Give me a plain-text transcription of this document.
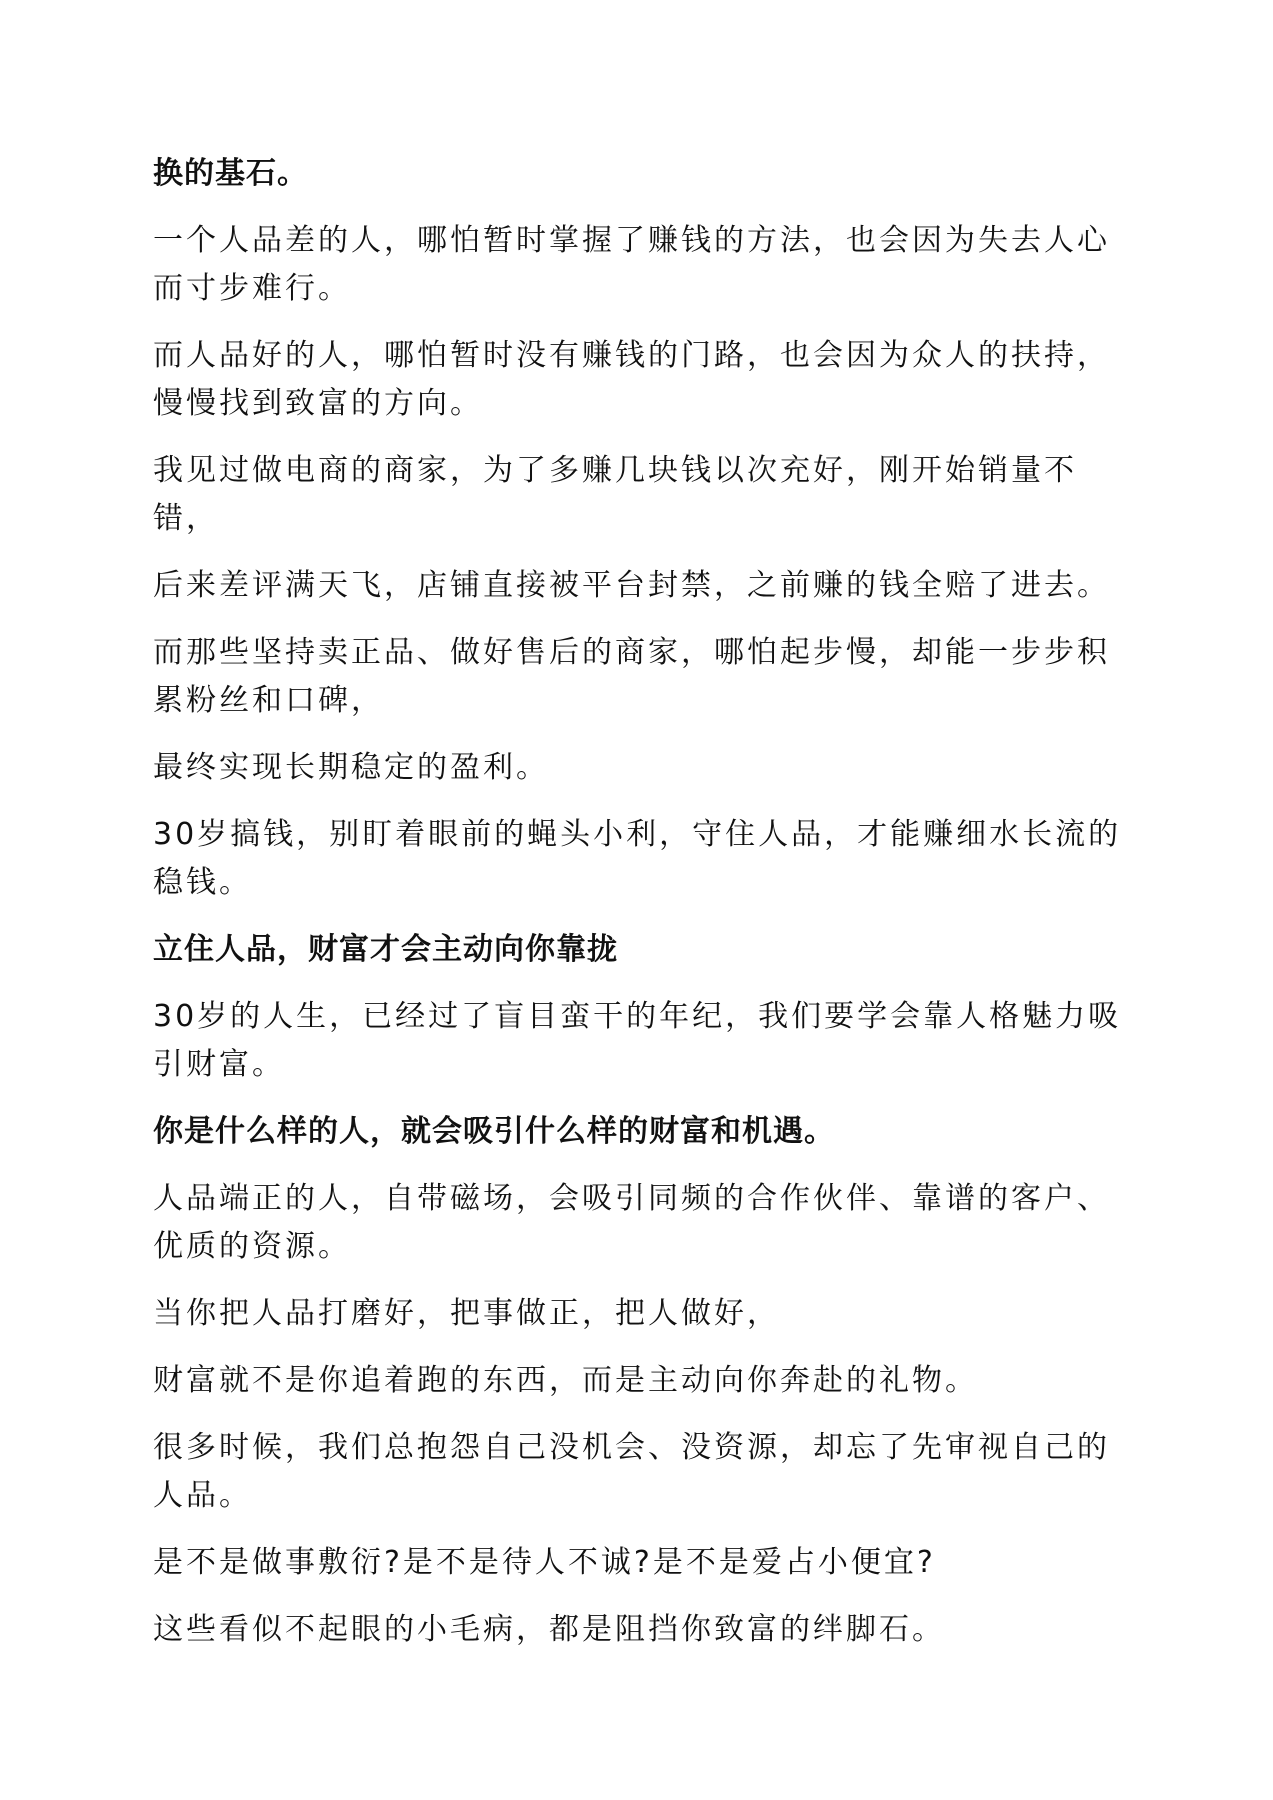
换的基石。

一个人品差的人，哪怕暂时掌握了赚钱的方法，也会因为失去人心而寸步难行。

而人品好的人，哪怕暂时没有赚钱的门路，也会因为众人的扶持，慢慢找到致富的方向。

我见过做电商的商家，为了多赚几块钱以次充好，刚开始销量不错，

后来差评满天飞，店铺直接被平台封禁，之前赚的钱全赔了进去。

而那些坚持卖正品、做好售后的商家，哪怕起步慢，却能一步步积累粉丝和口碑，

最终实现长期稳定的盈利。

30岁搞钱，别盯着眼前的蝇头小利，守住人品，才能赚细水长流的稳钱。

立住人品，财富才会主动向你靠拢

30岁的人生，已经过了盲目蛮干的年纪，我们要学会靠人格魅力吸引财富。

你是什么样的人，就会吸引什么样的财富和机遇。

人品端正的人，自带磁场，会吸引同频的合作伙伴、靠谱的客户、优质的资源。

当你把人品打磨好，把事做正，把人做好，

财富就不是你追着跑的东西，而是主动向你奔赴的礼物。

很多时候，我们总抱怨自己没机会、没资源，却忘了先审视自己的人品。

是不是做事敷衍?是不是待人不诚?是不是爱占小便宜?

这些看似不起眼的小毛病，都是阻挡你致富的绊脚石。
